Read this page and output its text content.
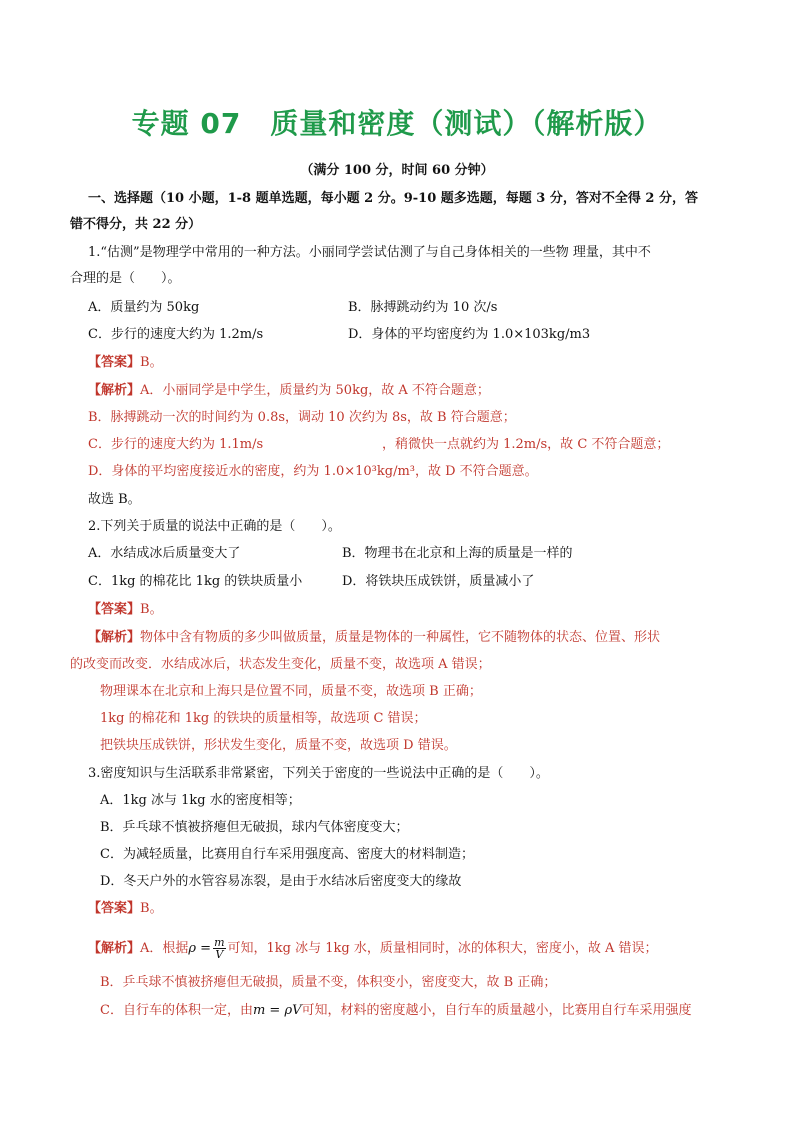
专题 07　质量和密度（测试）（解析版）
（满分 100 分，时间 60 分钟）
一、选择题（10 小题，1-8 题单选题，每小题 2 分。9-10 题多选题，每题 3 分，答对不全得 2 分，答
错不得分，共 22 分）
1.“估测”是物理学中常用的一种方法。小丽同学尝试估测了与自己身体相关的一些物 理量，其中不
合理的是（　　）。
A．质量约为 50kg	B．脉搏跳动约为 10 次/s
C．步行的速度大约为 1.2m/s	D．身体的平均密度约为 1.0×103kg/m3
【答案】B。
【解析】A．小丽同学是中学生，质量约为 50kg，故 A 不符合题意；
B．脉搏跳动一次的时间约为 0.8s，调动 10 次约为 8s，故 B 符合题意；
C．步行的速度大约为 1.1m/s	，稍微快一点就约为 1.2m/s，故 C 不符合题意；
D．身体的平均密度接近水的密度，约为 1.0×10³kg/m³，故 D 不符合题意。
故选 B。
2.下列关于质量的说法中正确的是（　　）。
A．水结成冰后质量变大了	B．物理书在北京和上海的质量是一样的
C．1kg 的棉花比 1kg 的铁块质量小	D．将铁块压成铁饼，质量减小了
【答案】B。
【解析】物体中含有物质的多少叫做质量，质量是物体的一种属性，它不随物体的状态、位置、形状
的改变而改变．水结成冰后，状态发生变化，质量不变，故选项 A 错误；
物理课本在北京和上海只是位置不同，质量不变，故选项 B 正确；
1kg 的棉花和 1kg 的铁块的质量相等，故选项 C 错误；
把铁块压成铁饼，形状发生变化，质量不变，故选项 D 错误。
3.密度知识与生活联系非常紧密，下列关于密度的一些说法中正确的是（　　）。
A．1kg 冰与 1kg 水的密度相等；
B．乒乓球不慎被挤瘪但无破损，球内气体密度变大；
C．为减轻质量，比赛用自行车采用强度高、密度大的材料制造；
D．冬天户外的水管容易冻裂，是由于水结冰后密度变大的缘故
【答案】B。
【解析】A．根据$\rho = \frac{m}{V}$ 可知，1kg 冰与 1kg 水，质量相同时，冰的体积大，密度小，故 A 错误；
B．乒乓球不慎被挤瘪但无破损，质量不变，体积变小，密度变大，故 B 正确；
C．自行车的体积一定，由m = ρV可知，材料的密度越小，自行车的质量越小，比赛用自行车采用强度
